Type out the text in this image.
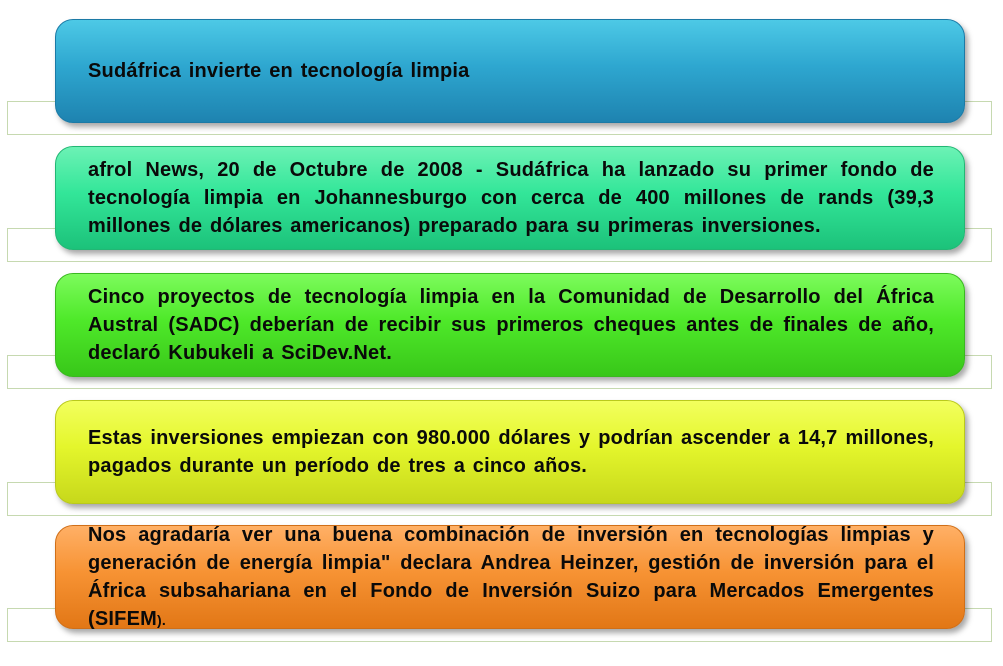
Sudáfrica invierte en tecnología limpia
afrol News, 20 de Octubre de 2008 - Sudáfrica ha lanzado su primer fondo de tecnología limpia en Johannesburgo con cerca de 400 millones de rands (39,3 millones de dólares americanos) preparado para su primeras inversiones.
Cinco proyectos de tecnología limpia en la Comunidad de Desarrollo del África Austral (SADC) deberían de recibir sus primeros cheques antes de finales de año, declaró Kubukeli a SciDev.Net.
Estas inversiones empiezan con 980.000 dólares y podrían ascender a 14,7 millones, pagados durante un período de tres a cinco años.
Nos agradaría ver una buena combinación de inversión en tecnologías limpias y generación de energía limpia" declara Andrea Heinzer, gestión de inversión para el África subsahariana en el Fondo de Inversión Suizo para Mercados Emergentes (SIFEM).
